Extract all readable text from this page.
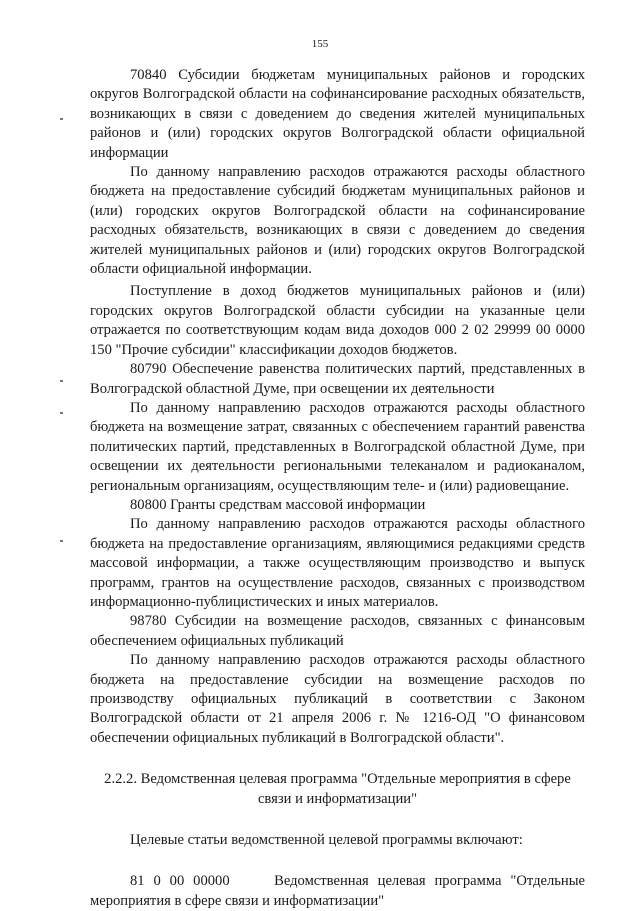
155

70840 Субсидии бюджетам муниципальных районов и городских округов Волгоградской области на софинансирование расходных обязательств, возникающих в связи с доведением до сведения жителей муниципальных районов и (или) городских округов Волгоградской области официальной информации

По данному направлению расходов отражаются расходы областного бюджета на предоставление субсидий бюджетам муниципальных районов и (или) городских округов Волгоградской области на софинансирование расходных обязательств, возникающих в связи с доведением до сведения жителей муниципальных районов и (или) городских округов Волгоградской области официальной информации.

Поступление в доход бюджетов муниципальных районов и (или) городских округов Волгоградской области субсидии на указанные цели отражается по соответствующим кодам вида доходов 000 2 02 29999 00 0000 150 "Прочие субсидии" классификации доходов бюджетов.

80790 Обеспечение равенства политических партий, представленных в Волгоградской областной Думе, при освещении их деятельности

По данному направлению расходов отражаются расходы областного бюджета на возмещение затрат, связанных с обеспечением гарантий равенства политических партий, представленных в Волгоградской областной Думе, при освещении их деятельности региональными телеканалом и радиоканалом, региональным организациям, осуществляющим теле- и (или) радиовещание.

80800 Гранты средствам массовой информации

По данному направлению расходов отражаются расходы областного бюджета на предоставление организациям, являющимися редакциями средств массовой информации, а также осуществляющим производство и выпуск программ, грантов на осуществление расходов, связанных с производством информационно-публицистических и иных материалов.

98780 Субсидии на возмещение расходов, связанных с финансовым обеспечением официальных публикаций

По данному направлению расходов отражаются расходы областного бюджета на предоставление субсидии на возмещение расходов по производству официальных публикаций в соответствии с Законом Волгоградской области от 21 апреля 2006 г. № 1216-ОД "О финансовом обеспечении официальных публикаций в Волгоградской области".

2.2.2. Ведомственная целевая программа "Отдельные мероприятия в сфере связи и информатизации"

Целевые статьи ведомственной целевой программы включают:

81 0 00 00000     Ведомственная целевая программа "Отдельные мероприятия в сфере связи и информатизации"
